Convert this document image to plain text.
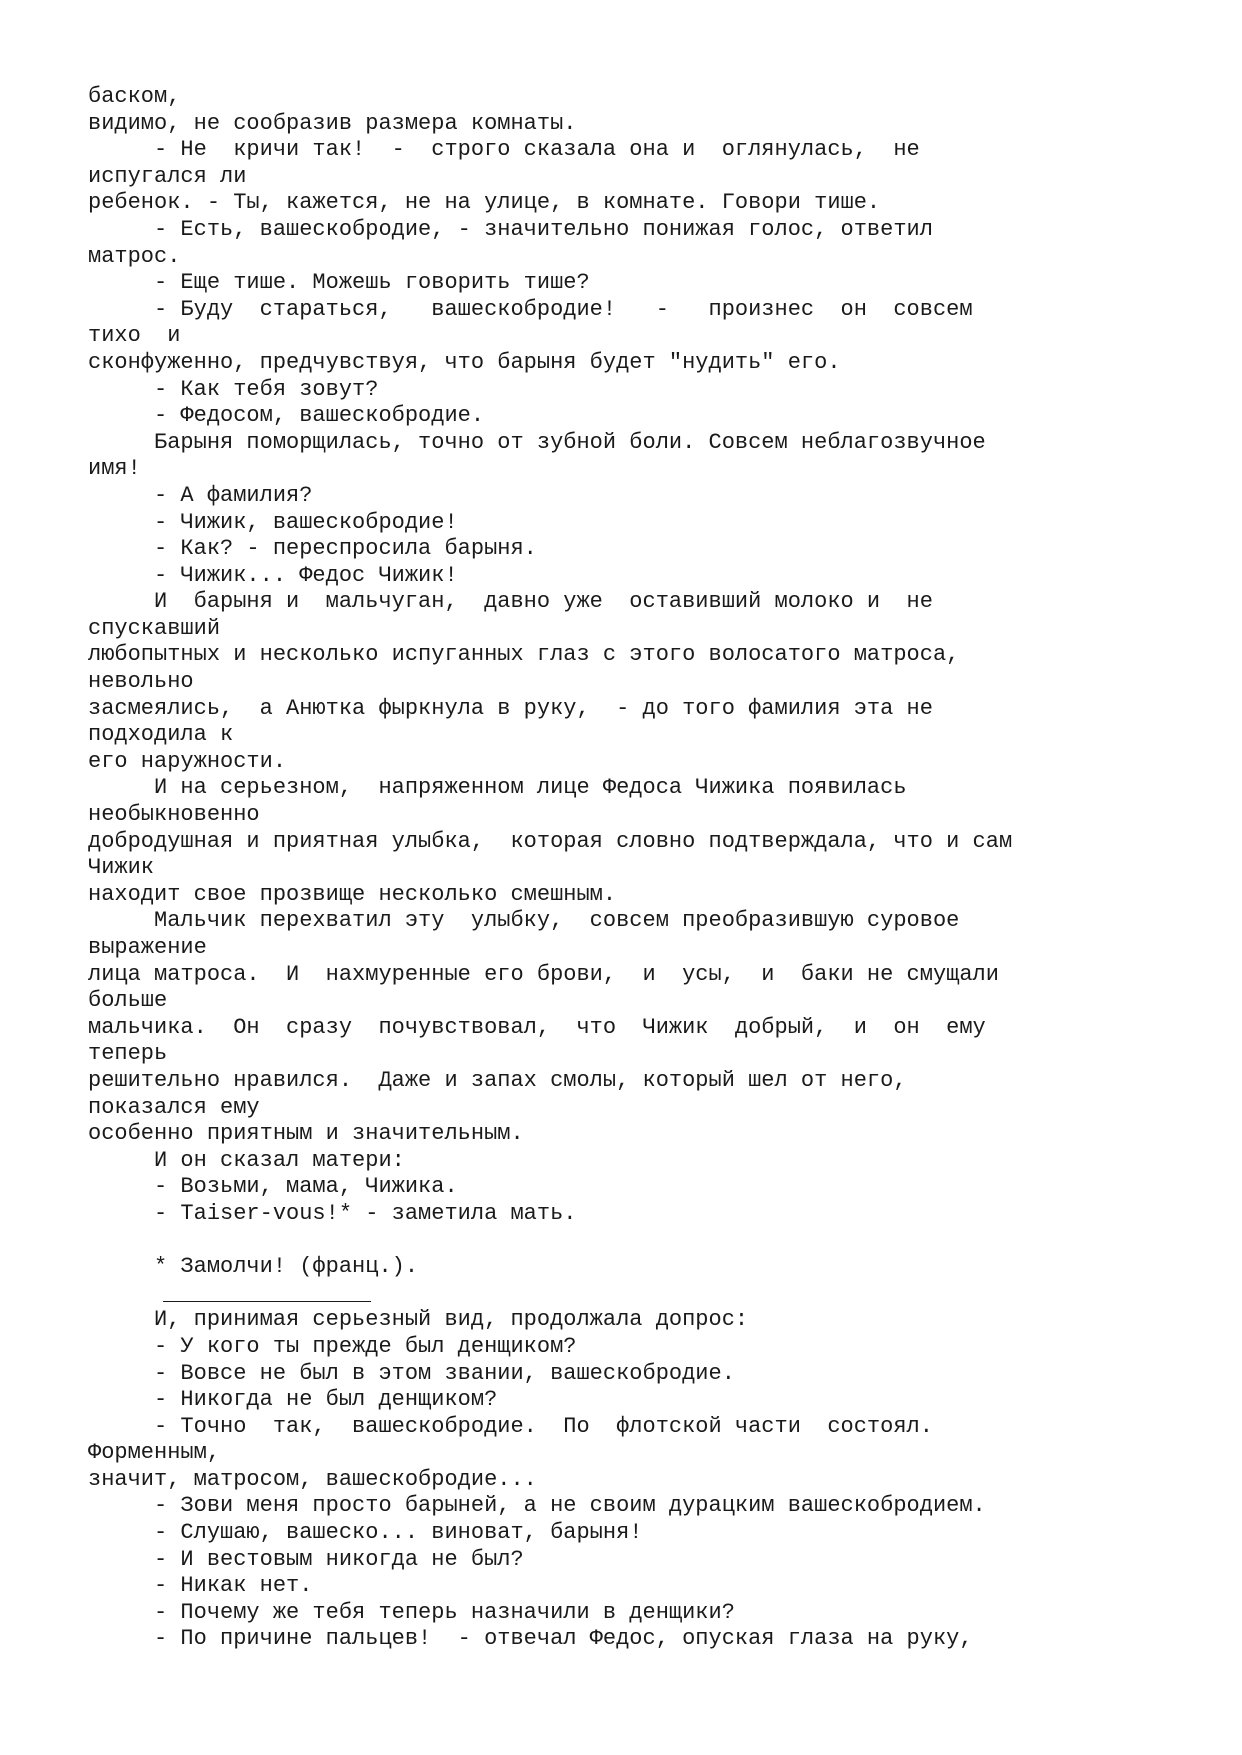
баском,
видимо, не сообразив размера комнаты.
- Не  кричи так!  -  строго сказала она и  оглянулась,  не
испугался ли
ребенок. - Ты, кажется, не на улице, в комнате. Говори тише.
- Есть, вашескобродие, - значительно понижая голос, ответил
матрос.
- Еще тише. Можешь говорить тише?
- Буду  стараться,   вашескобродие!   -   произнес  он  совсем
тихо  и
сконфуженно, предчувствуя, что барыня будет "нудить" его.
- Как тебя зовут?
- Федосом, вашескобродие.
Барыня поморщилась, точно от зубной боли. Совсем неблагозвучное
имя!
- А фамилия?
- Чижик, вашескобродие!
- Как? - переспросила барыня.
- Чижик... Федос Чижик!
И  барыня и  мальчуган,  давно уже  оставивший молоко и  не
спускавший
любопытных и несколько испуганных глаз с этого волосатого матроса,
невольно
засмеялись,  а Анютка фыркнула в руку,  - до того фамилия эта не
подходила к
его наружности.
И на серьезном,  напряженном лице Федоса Чижика появилась
необыкновенно
добродушная и приятная улыбка,  которая словно подтверждала, что и сам
Чижик
находит свое прозвище несколько смешным.
Мальчик перехватил эту  улыбку,  совсем преобразившую суровое
выражение
лица матроса.  И  нахмуренные его брови,  и  усы,  и  баки не смущали
больше
мальчика.  Он  сразу  почувствовал,  что  Чижик  добрый,  и  он  ему
теперь
решительно нравился.  Даже и запах смолы, который шел от него,
показался ему
особенно приятным и значительным.
И он сказал матери:
- Возьми, мама, Чижика.
- Taiser-vous!* - заметила мать.

* Замолчи! (франц.).
И, принимая серьезный вид, продолжала допрос:
- У кого ты прежде был денщиком?
- Вовсе не был в этом звании, вашескобродие.
- Никогда не был денщиком?
- Точно  так,  вашескобродие.  По  флотской части  состоял.
Форменным,
значит, матросом, вашескобродие...
- Зови меня просто барыней, а не своим дурацким вашескобродием.
- Слушаю, вашеско... виноват, барыня!
- И вестовым никогда не был?
- Никак нет.
- Почему же тебя теперь назначили в денщики?
- По причине пальцев!  - отвечал Федос, опуская глаза на руку,
